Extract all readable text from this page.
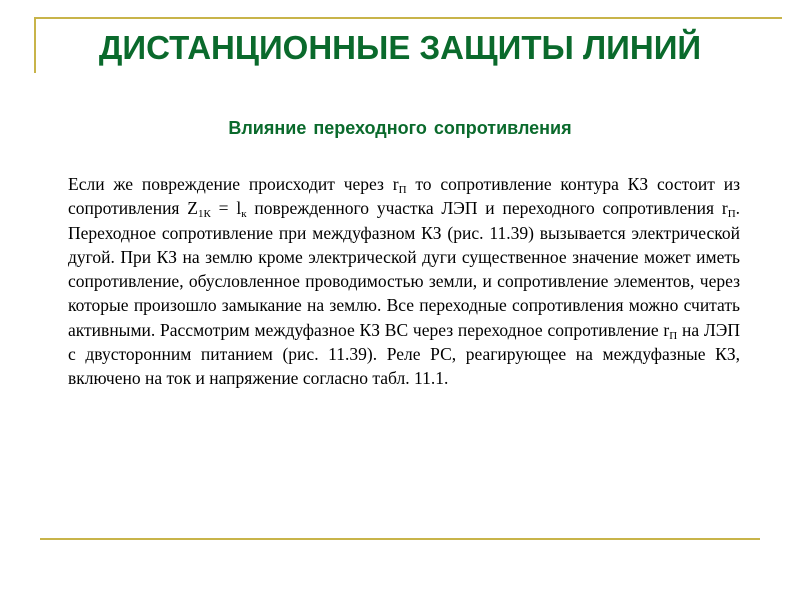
ДИСТАНЦИОННЫЕ ЗАЩИТЫ ЛИНИЙ
Влияние переходного сопротивления

Если же повреждение происходит через $r_П$ то сопротивление контура КЗ состоит из сопротивления $Z_{1К} = l_к$ поврежденного участка ЛЭП и переходного сопротивления $r_П$. Переходное сопротивление при междуфазном КЗ (рис. 11.39) вызывается электрической дугой. При КЗ на землю кроме электрической дуги существенное значение может иметь сопротивление, обусловленное проводимостью земли, и сопротивление элементов, через которые произошло замыкание на землю. Все переходные сопротивления можно считать активными. Рассмотрим междуфазное КЗ ВС через переходное сопротивление $r_П$ на ЛЭП с двусторонним питанием (рис. 11.39). Реле РС, реагирующее на междуфазные КЗ, включено на ток и напряжение согласно табл. 11.1.
